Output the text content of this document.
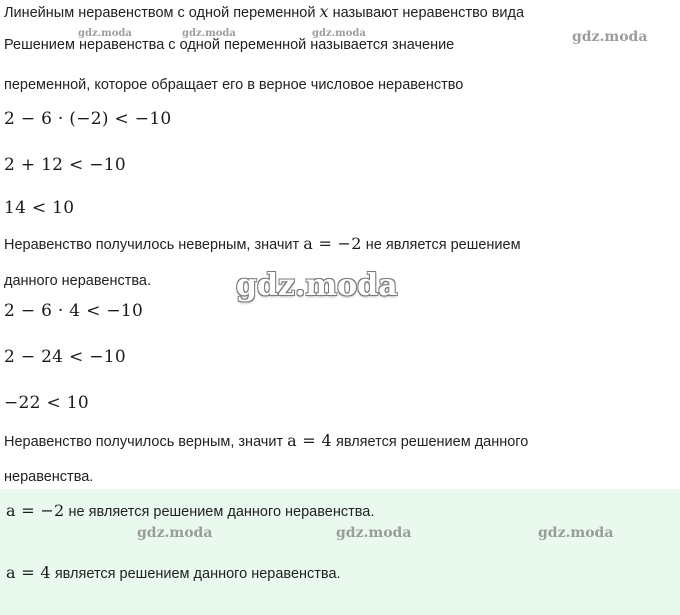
Линейным неравенством с одной переменной x называют неравенство вида
Решением неравенства с одной переменной называется значение
переменной, которое обращает его в верное числовое неравенство
2 − 6 · (−2) < −10
2 + 12 < −10
14 < 10
Неравенство получилось неверным, значит a = −2 не является решением
данного неравенства.
2 − 6 · 4 < −10
2 − 24 < −10
−22 < 10
Неравенство получилось верным, значит a = 4 является решением данного
неравенства.
a = −2 не является решением данного неравенства.
a = 4 является решением данного неравенства.
gdz.moda	gdz.moda	gdz.moda	gdz.moda
gdz.moda
gdz.moda	gdz.moda	gdz.moda
